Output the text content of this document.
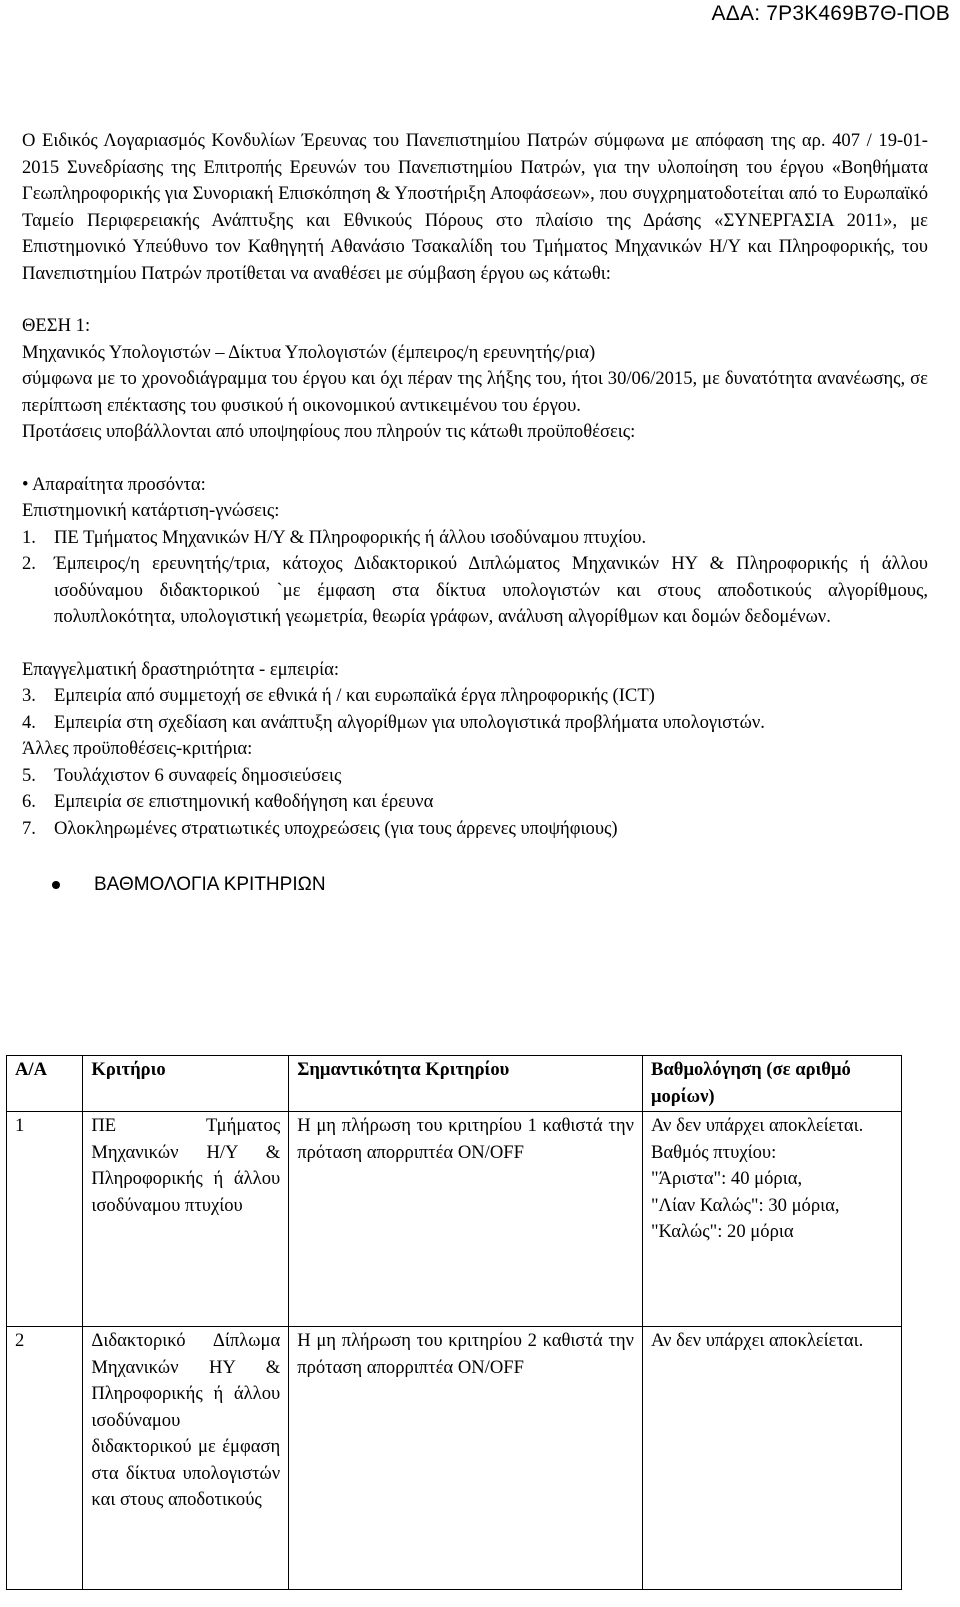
ΑΔΑ: 7Ρ3Κ469Β7Θ-ΠΟΒ

Ο Ειδικός Λογαριασμός Κονδυλίων Έρευνας του Πανεπιστημίου Πατρών σύμφωνα με απόφαση της αρ. 407 / 19-01-2015 Συνεδρίασης της Επιτροπής Ερευνών του Πανεπιστημίου Πατρών, για την υλοποίηση του έργου «Βοηθήματα Γεωπληροφορικής για Συνοριακή Επισκόπηση & Υποστήριξη Αποφάσεων», που συγχρηματοδοτείται από το Ευρωπαϊκό Ταμείο Περιφερειακής Ανάπτυξης και Εθνικούς Πόρους στο πλαίσιο της Δράσης «ΣΥΝΕΡΓΑΣΙΑ 2011», με Επιστημονικό Υπεύθυνο τον Καθηγητή Αθανάσιο Τσακαλίδη του Τμήματος Μηχανικών Η/Υ και Πληροφορικής, του Πανεπιστημίου Πατρών προτίθεται να αναθέσει με σύμβαση έργου ως κάτωθι:

ΘΕΣΗ 1:

Μηχανικός Υπολογιστών – Δίκτυα Υπολογιστών (έμπειρος/η ερευνητής/ρια)

σύμφωνα με το χρονοδιάγραμμα του έργου και όχι πέραν της λήξης του, ήτοι 30/06/2015, με δυνατότητα ανανέωσης, σε περίπτωση επέκτασης του φυσικού ή οικονομικού αντικειμένου του έργου.

Προτάσεις υποβάλλονται από υποψηφίους που πληρούν τις κάτωθι προϋποθέσεις:

• Απαραίτητα προσόντα:

Επιστημονική κατάρτιση-γνώσεις:

1. ΠΕ Τμήματος Μηχανικών Η/Υ & Πληροφορικής ή άλλου ισοδύναμου πτυχίου.
2. Έμπειρος/η ερευνητής/τρια, κάτοχος Διδακτορικού Διπλώματος Μηχανικών ΗΥ & Πληροφορικής ή άλλου ισοδύναμου διδακτορικού `με έμφαση στα δίκτυα υπολογιστών και στους αποδοτικούς αλγορίθμους, πολυπλοκότητα, υπολογιστική γεωμετρία, θεωρία γράφων, ανάλυση αλγορίθμων και δομών δεδομένων.

Επαγγελματική δραστηριότητα - εμπειρία:

3. Εμπειρία από συμμετοχή σε εθνικά ή / και ευρωπαϊκά έργα πληροφορικής (ICT)
4. Εμπειρία στη σχεδίαση και ανάπτυξη αλγορίθμων για υπολογιστικά προβλήματα υπολογιστών.

Άλλες προϋποθέσεις-κριτήρια:

5. Τουλάχιστον 6 συναφείς δημοσιεύσεις
6. Εμπειρία σε επιστημονική καθοδήγηση και έρευνα
7. Ολοκληρωμένες στρατιωτικές υποχρεώσεις (για τους άρρενες υποψήφιους)
ΒΑΘΜΟΛΟΓΙΑ ΚΡΙΤΗΡΙΩΝ
Α/Α	Κριτήριο	Σημαντικότητα Κριτηρίου	Βαθμολόγηση (σε αριθμό μορίων)
1	ΠΕ Τμήματος Μηχανικών Η/Υ & Πληροφορικής ή άλλου ισοδύναμου πτυχίου	Η μη πλήρωση του κριτηρίου 1 καθιστά την πρόταση απορριπτέα ON/OFF	Αν δεν υπάρχει αποκλείεται.
Βαθμός πτυχίου:
"Άριστα": 40 μόρια,
"Λίαν Καλώς": 30 μόρια,
"Καλώς": 20 μόρια

2	Διδακτορικό Δίπλωμα Μηχανικών ΗΥ & Πληροφορικής ή άλλου ισοδύναμου διδακτορικού με έμφαση στα δίκτυα υπολογιστών και στους αποδοτικούς	Η μη πλήρωση του κριτηρίου 2 καθιστά την πρόταση απορριπτέα ON/OFF	Αν δεν υπάρχει αποκλείεται.
